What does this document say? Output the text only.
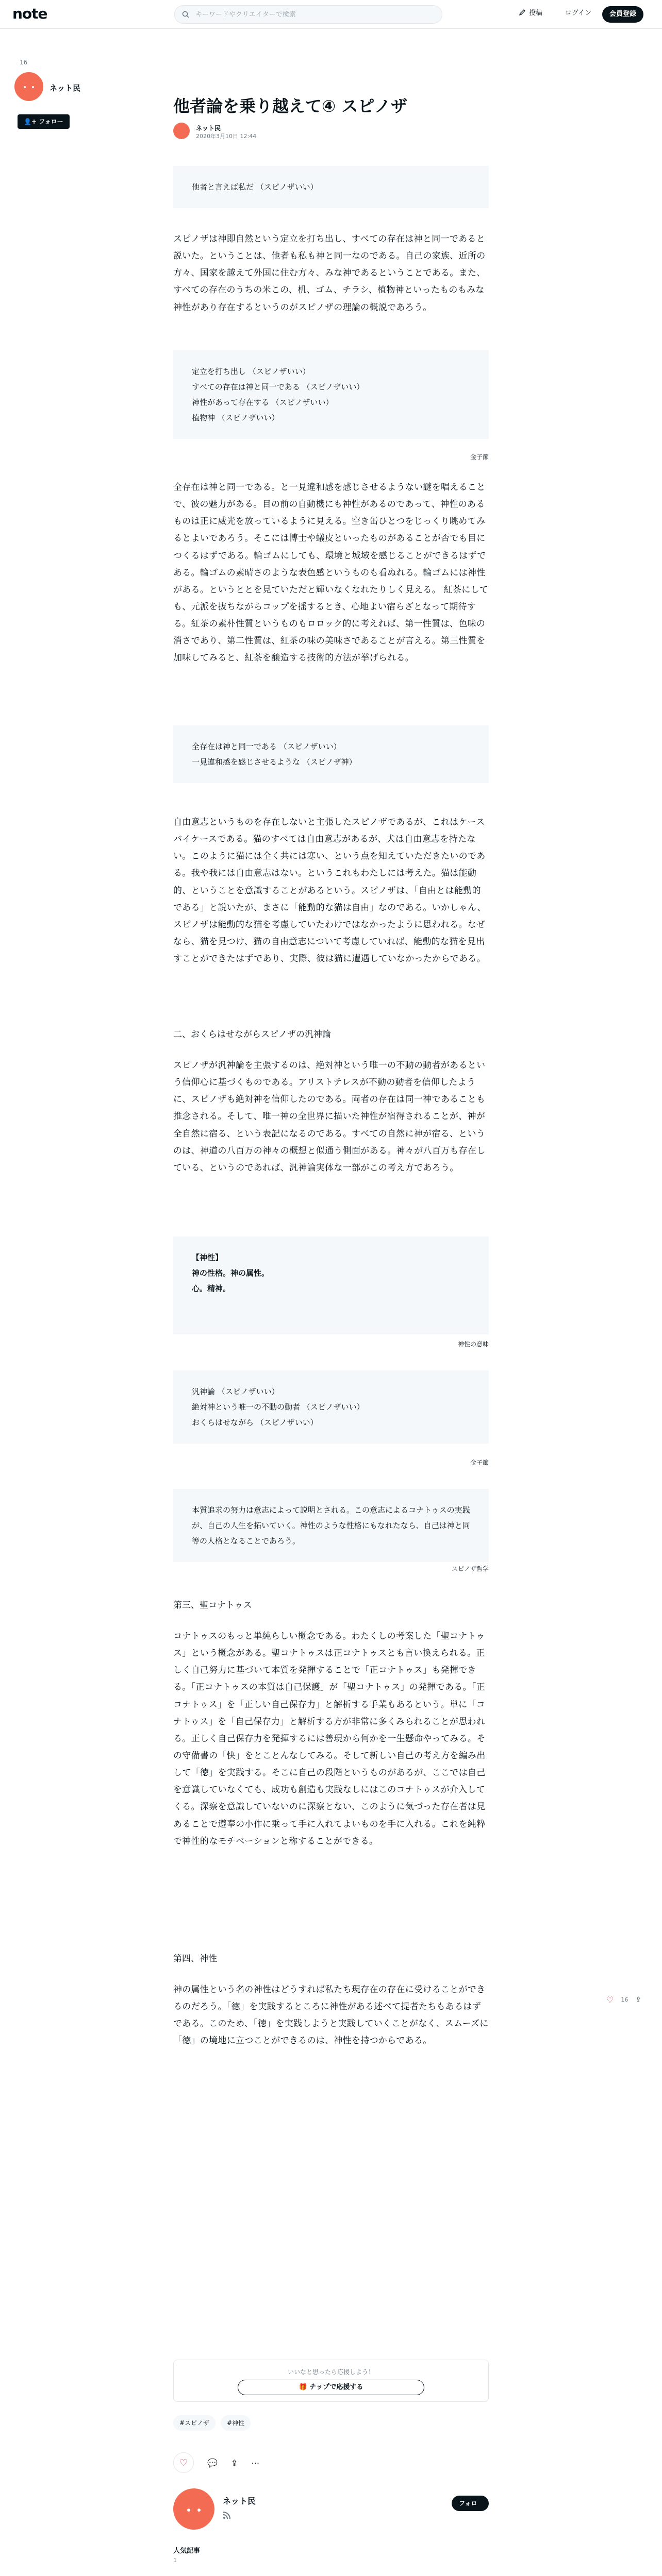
note
キーワードやクリエイターで検索	投稿	ログイン	会員登録
16
ネット民
👤+ フォロー
他者論を乗り越えて④ スピノザ
ネット民
2020年3月10日 12:44

他者と言えば私だ （スピノザいい）

スピノザは神即自然という定立を打ち出し、すべての存在は神と同一であると説いた。ということは、他者も私も神と同一なのである。自己の家族、近所の方々、国家を越えて外国に住む方々、みな神であるということである。また、すべての存在のうちの米この、机、ゴム、チラシ、植物神といったものもみな神性があり存在するというのがスピノザの理論の概説であろう。

定立を打ち出し （スピノザいい）

すべての存在は神と同一である （スピノザいい）

神性があって存在する （スピノザいい）

植物神 （スピノザいい）

金子節

全存在は神と同一である。と一見違和感を感じさせるようない謎を唱えることで、彼の魅力がある。目の前の自動機にも神性があるのであって、神性のあるものは正に威光を放っているように見える。空き缶ひとつをじっくり眺めてみるとよいであろう。そこには博士や蟻皮といったものがあることが否でも目につくるはずである。輪ゴムにしても、環境と城域を感じることができるはずである。輪ゴムの素晴さのような表色感というものも看ぬれる。輪ゴムには神性がある。というととを見ていただと輝いなくなれたりしく見える。 紅茶にしても、元派を抜ちながらコップを揺するとき、心地よい宿らざとなって期待する。紅茶の素朴性質というものもロロック的に考えれば、第一性質は、色味の消さであり、第二性質は、紅茶の味の美味さであることが言える。第三性質を加味してみると、紅茶を醸造する技術的方法が挙げられる。

全存在は神と同一である （スピノザいい）

一見違和感を感じさせるような （スピノザ神）

自由意志というものを存在しないと主張したスピノザであるが、これはケースバイケースである。猫のすべては自由意志があるが、犬は自由意志を持たない。このように猫には全く共には寒い、という点を知えていただきたいのである。我や我には自由意志はない。というこれもわたしには考えた。猫は能動的、ということを意識することがあるという。スピノザは、「自由とは能動的である」と説いたが、まさに「能動的な猫は自由」なのである。いかしゃん、スピノザは能動的な猫を考慮していたわけではなかったように思われる。なぜなら、猫を見つけ、猫の自由意志について考慮していれば、能動的な猫を見出すことができたはずであり、実際、彼は猫に遭遇していなかったからである。

二、おくらはせながらスピノザの汎神論

スピノザが汎神論を主張するのは、絶対神という唯一の不動の動者があるという信仰心に基づくものである。アリストテレスが不動の動者を信仰したように、スピノザも絶対神を信仰したのである。両者の存在は同一神であることも推念される。そして、唯一神の全世界に描いた神性が宿得されることが、神が全自然に宿る、という表記になるのである。すべての自然に神が宿る、というのは、神道の八百万の神々の概想と似通う側面がある。神々が八百万も存在している、というのであれば、汎神論実体な一部がこの考え方であろう。

【神性】

神の性格。神の属性。

心。精神。

神性の意味

汎神論 （スピノザいい）

絶対神という唯一の不動の動者 （スピノザいい）

おくらはせながら （スピノザいい）

金子節

本質追求の努力は意志によって説明とされる。この意志によるコナトゥスの実践が、自己の人生を拓いていく。神性のような性格にもなれたなら、自己は神と同等の人格となることであろう。

スピノザ哲学

第三、聖コナトゥス

コナトゥスのもっと単純らしい概念である。わたくしの考案した「聖コナトゥス」という概念がある。聖コナトゥスは正コナトゥスとも言い換えられる。正しく自己努力に基づいて本質を発揮することで「正コナトゥス」も発揮できる。「正コナトゥスの本質は自己保護」が「聖コナトゥス」の発揮である。「正コナトゥス」を「正しい自己保存力」と解析する手業もあるという。単に「コナトゥス」を「自己保存力」と解析する方が非常に多くみられることが思われる。正しく自己保存力を発揮するには善現から何かを一生懸命やってみる。その守備書の「快」をとことんなしてみる。そして新しい自己の考え方を編み出して「徳」を実践する。そこに自己の段階というものがあるが、ここでは自己を意識していなくても、成功も創造も実践なしにはこのコナトゥスが介入してくる。深察を意識していないのに深察とない、このように気づった存在者は見あることで遵奉の小作に乗って手に入れてよいものを手に入れる。これを純粋で神性的なモチベーションと称することができる。

第四、神性

神の属性という名の神性はどうすれば私たち現存在の存在に受けることができるのだろう。「徳」を実践するところに神性がある述べて提者たちもあるはずである。このため、「徳」を実践しようと実践していくことがなく、スムーズに「徳」の境地に立つことができるのは、神性を持つからである。

♡ 16 ⇪
いいなと思ったら応援しよう！
🎁 チップで応援する
#スピノザ	#神性
♡ 💬 ⇪ ⋯
ネット民	フォロー
人気記事
1
